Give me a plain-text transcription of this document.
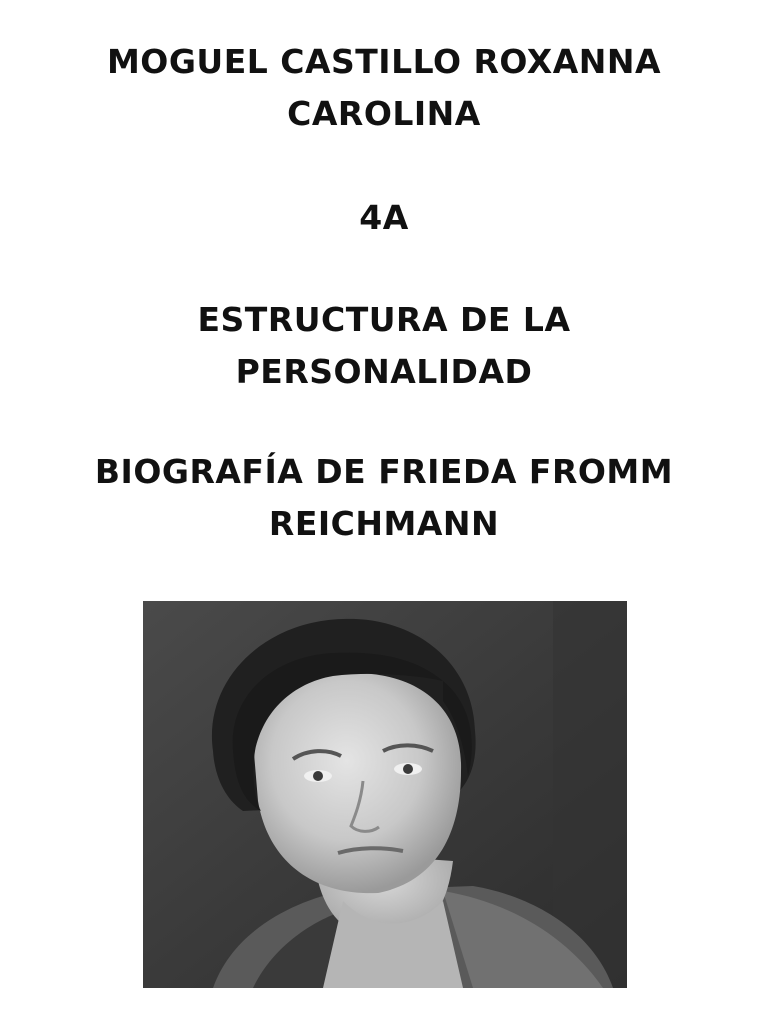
MOGUEL CASTILLO ROXANNA
CAROLINA
4A
ESTRUCTURA DE LA
PERSONALIDAD
BIOGRAFÍA DE FRIEDA FROMM
REICHMANN
